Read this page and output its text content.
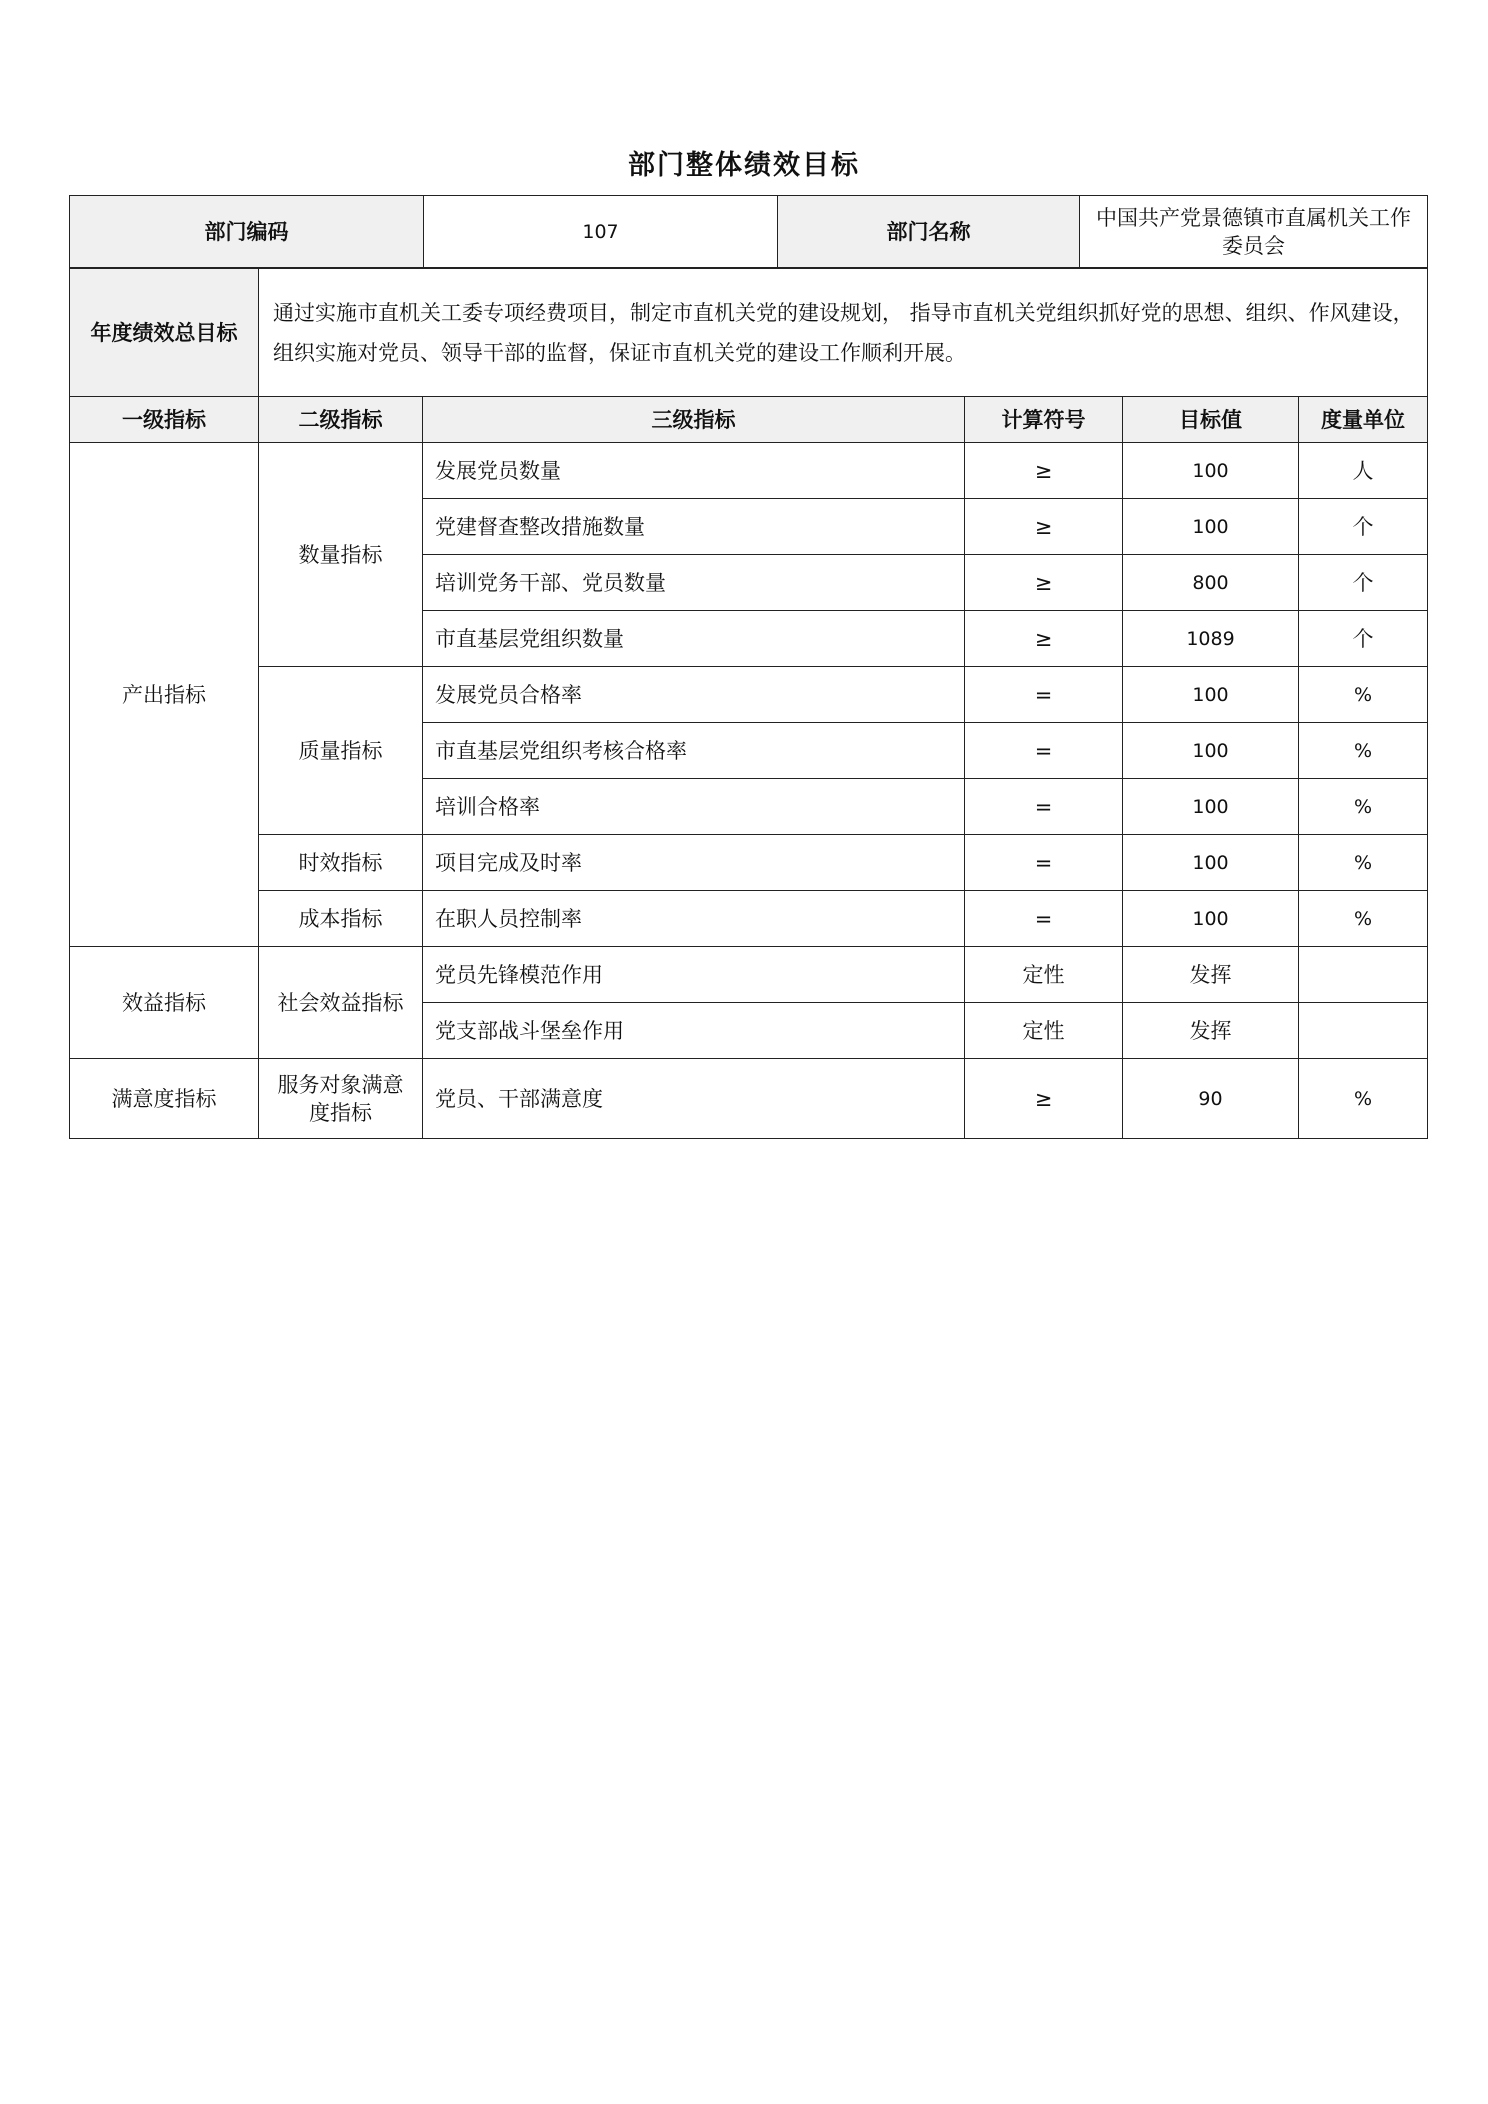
部门整体绩效目标
部门编码	107	部门名称	中国共产党景德镇市直属机关工作委员会
年度绩效总目标	通过实施市直机关工委专项经费项目，制定市直机关党的建设规划， 指导市直机关党组织抓好党的思想、组织、作风建设，组织实施对党员、领导干部的监督，保证市直机关党的建设工作顺利开展。
一级指标	二级指标	三级指标	计算符号	目标值	度量单位
产出指标	数量指标	发展党员数量	≥	100	人
		党建督查整改措施数量	≥	100	个
		培训党务干部、党员数量	≥	800	个
		市直基层党组织数量	≥	1089	个
	质量指标	发展党员合格率	=	100	%
		市直基层党组织考核合格率	=	100	%
		培训合格率	=	100	%
	时效指标	项目完成及时率	=	100	%
	成本指标	在职人员控制率	=	100	%
效益指标	社会效益指标	党员先锋模范作用	定性	发挥	
		党支部战斗堡垒作用	定性	发挥	
满意度指标	服务对象满意度指标	党员、干部满意度	≥	90	%
